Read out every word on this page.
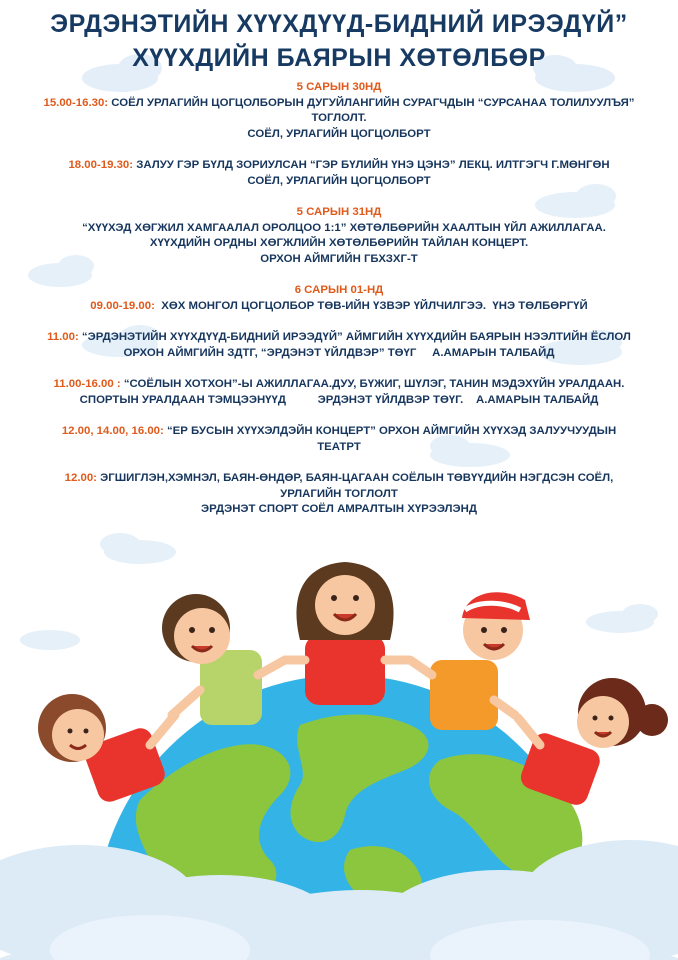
ЭРДЭНЭТИЙН ХҮҮХДҮҮД-БИДНИЙ ИРЭЭДҮЙ”
ХҮҮХДИЙН БАЯРЫН ХӨТӨЛБӨР

5 САРЫН 30НД

15.00-16.30: СОЁЛ УРЛАГИЙН ЦОГЦОЛБОРЫН ДУГУЙЛАНГИЙН СУРАГЧДЫН “СУРСАНАА ТОЛИЛУУЛЪЯ” ТОГЛОЛТ.

СОЁЛ, УРЛАГИЙН ЦОГЦОЛБОРТ

18.00-19.30: ЗАЛУУ ГЭР БҮЛД ЗОРИУЛСАН “ГЭР БҮЛИЙН ҮНЭ ЦЭНЭ” ЛЕКЦ. ИЛТГЭГЧ Г.МӨНГӨН

СОЁЛ, УРЛАГИЙН ЦОГЦОЛБОРТ

5 САРЫН 31НД

“ХҮҮХЭД ХӨГЖИЛ ХАМГААЛАЛ ОРОЛЦОО 1:1” ХӨТӨЛБӨРИЙН ХААЛТЫН ҮЙЛ АЖИЛЛАГАА.

ХҮҮХДИЙН ОРДНЫ ХӨГЖЛИЙН ХӨТӨЛБӨРИЙН ТАЙЛАН КОНЦЕРТ.

ОРХОН АЙМГИЙН ГБХЗХГ-Т

6 САРЫН 01-НД

09.00-19.00:  ХӨХ МОНГОЛ ЦОГЦОЛБОР ТӨВ-ИЙН ҮЗВЭР ҮЙЛЧИЛГЭЭ.  ҮНЭ ТӨЛБӨРГҮЙ

11.00: “ЭРДЭНЭТИЙН ХҮҮХДҮҮД-БИДНИЙ ИРЭЭДҮЙ” АЙМГИЙН ХҮҮХДИЙН БАЯРЫН НЭЭЛТИЙН ЁСЛОЛ

ОРХОН АЙМГИЙН ЗДТГ, “ЭРДЭНЭТ ҮЙЛДВЭР” ТӨҮГ     А.АМАРЫН ТАЛБАЙД

11.00-16.00 : “СОЁЛЫН ХОТХОН”-Ы АЖИЛЛАГАА.ДУУ, БҮЖИГ, ШҮЛЭГ, ТАНИН МЭДЭХҮЙН УРАЛДААН.

СПОРТЫН УРАЛДААН ТЭМЦЭЭНҮҮД          ЭРДЭНЭТ ҮЙЛДВЭР ТӨҮГ.    А.АМАРЫН ТАЛБАЙД

12.00, 14.00, 16.00: “ЕР БУСЫН ХҮҮХЭЛДЭЙН КОНЦЕРТ” ОРХОН АЙМГИЙН ХҮҮХЭД ЗАЛУУЧУУДЫН ТЕАТРТ

12.00: ЭГШИГЛЭН,ХЭМНЭЛ, БАЯН-ӨНДӨР, БАЯН-ЦАГААН СОЁЛЫН ТӨВҮҮДИЙН НЭГДСЭН СОЁЛ, УРЛАГИЙН ТОГЛОЛТ

ЭРДЭНЭТ СПОРТ СОЁЛ АМРАЛТЫН ХҮРЭЭЛЭНД
